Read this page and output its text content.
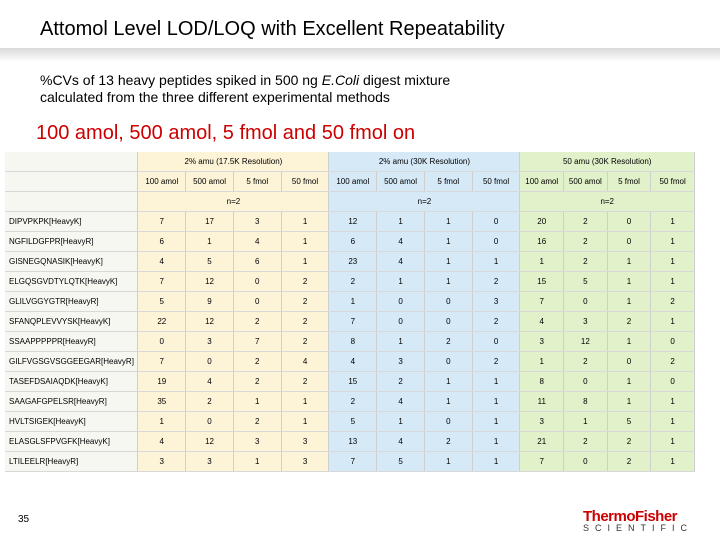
Attomol Level LOD/LOQ with Excellent Repeatability
%CVs of 13 heavy peptides spiked in 500 ng E.Coli digest mixture
calculated from the three different experimental methods
100 amol, 500 amol, 5 fmol and 50 fmol on
	2% amu (17.5K Resolution)				2% amu (30K Resolution)				50 amu (30K Resolution)			
	100 amol	500 amol	5 fmol	50 fmol	100 amol	500 amol	5 fmol	50 fmol	100 amol	500 amol	5 fmol	50 fmol
	n=2				n=2				n=2			
DIPVPKPK[HeavyK]	7	17	3	1	12	1	1	0	20	2	0	1
NGFILDGFPR[HeavyR]	6	1	4	1	6	4	1	0	16	2	0	1
GISNEGQNASIK[HeavyK]	4	5	6	1	23	4	1	1	1	2	1	1
ELGQSGVDTYLQTK[HeavyK]	7	12	0	2	2	1	1	2	15	5	1	1
GLILVGGYGTR[HeavyR]	5	9	0	2	1	0	0	3	7	0	1	2
SFANQPLEVVYSK[HeavyK]	22	12	2	2	7	0	0	2	4	3	2	1
SSAAPPPPPR[HeavyR]	0	3	7	2	8	1	2	0	3	12	1	0
GILFVGSGVSGGEEGAR[HeavyR]	7	0	2	4	4	3	0	2	1	2	0	2
TASEFDSAIAQDK[HeavyK]	19	4	2	2	15	2	1	1	8	0	1	0
SAAGAFGPELSR[HeavyR]	35	2	1	1	2	4	1	1	11	8	1	1
HVLTSIGEK[HeavyK]	1	0	2	1	5	1	0	1	3	1	5	1
ELASGLSFPVGFK[HeavyK]	4	12	3	3	13	4	2	1	21	2	2	1
LTILEELR[HeavyR]	3	3	1	3	7	5	1	1	7	0	2	1
35	ThermoFisher
SCIENTIFIC
